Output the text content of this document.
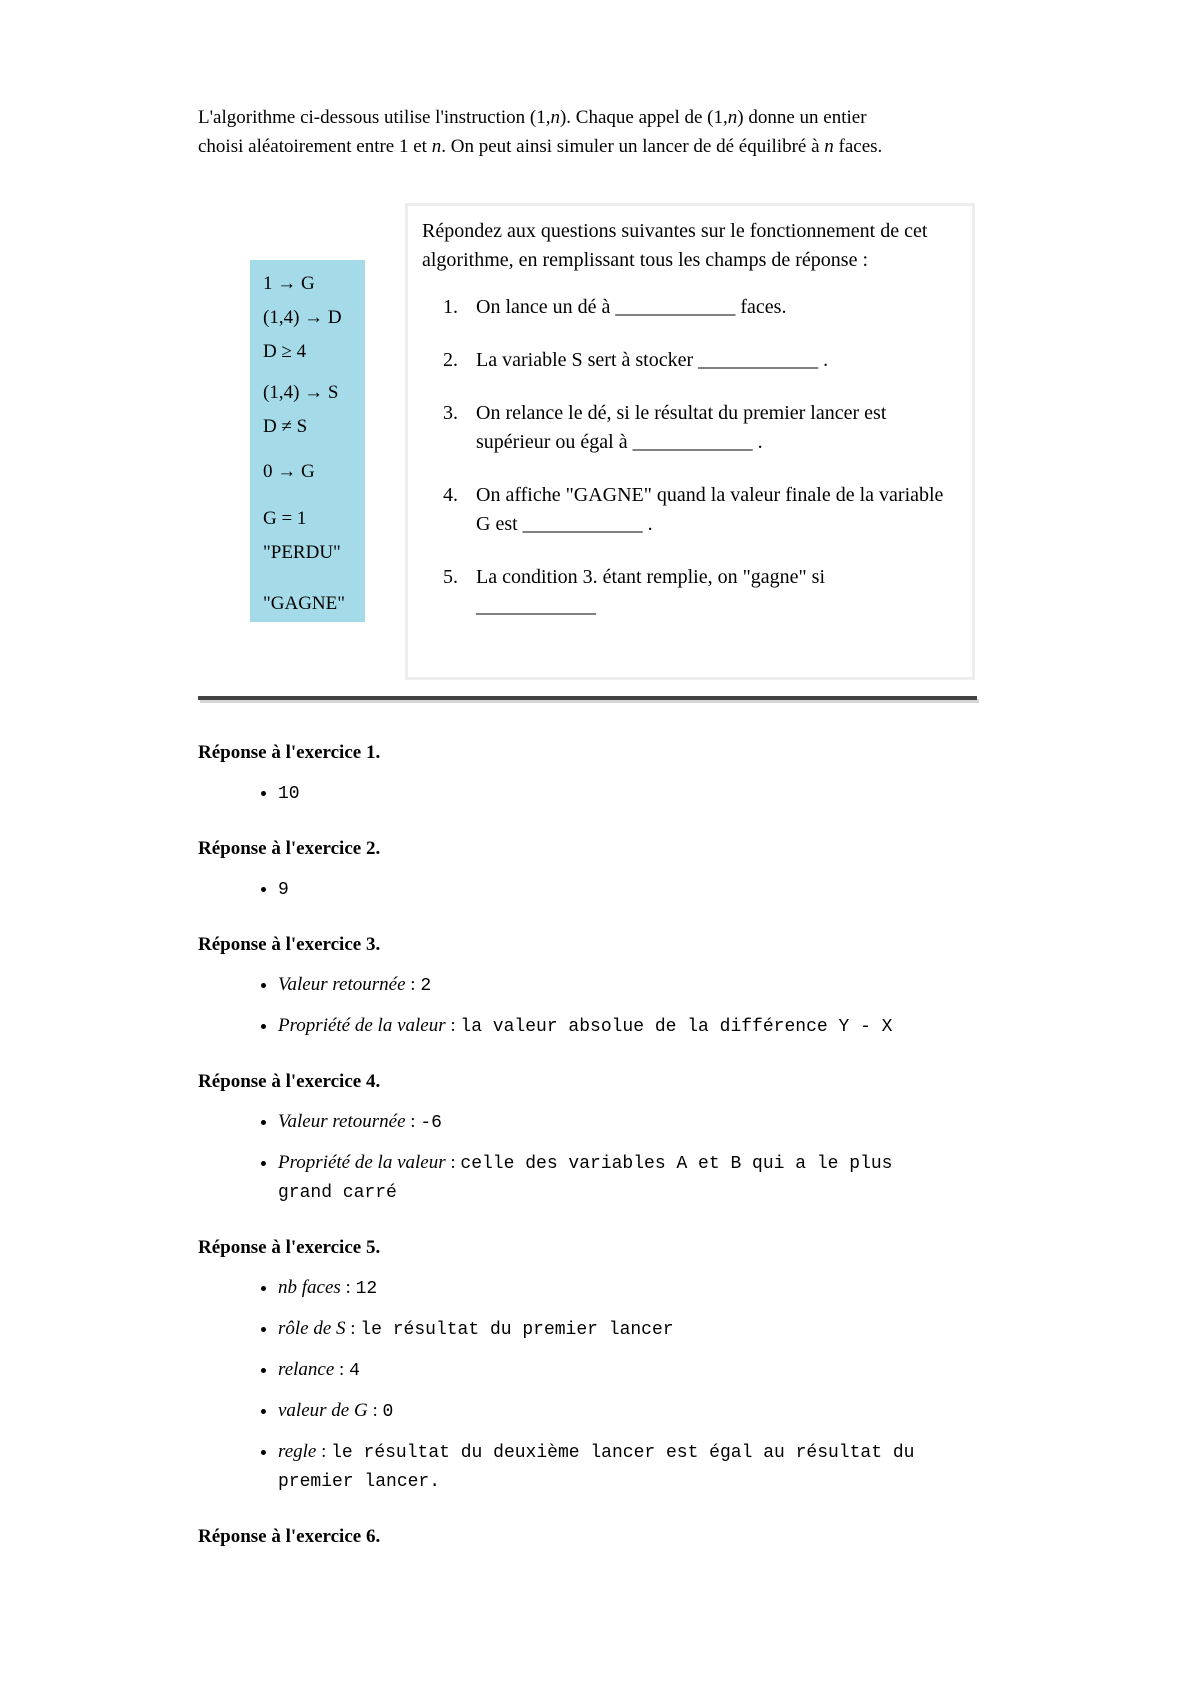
L'algorithme ci-dessous utilise l'instruction (1,n). Chaque appel de (1,n) donne un entier choisi aléatoirement entre 1 et n. On peut ainsi simuler un lancer de dé équilibré à n faces.

1 → G
(1,4) → D
D ≥ 4
(1,4) → S
D ≠ S
0 → G
G = 1
"PERDU"
"GAGNE"

Répondez aux questions suivantes sur le fonctionnement de cet algorithme, en remplissant tous les champs de réponse :

1. On lance un dé à ____________ faces.
2. La variable S sert à stocker ____________ .
3. On relance le dé, si le résultat du premier lancer est supérieur ou égal à ____________ .
4. On affiche "GAGNE" quand la valeur finale de la variable G est ____________ .
5. La condition 3. étant remplie, on "gagne" si
____________

Réponse à l'exercice 1.

• 10

Réponse à l'exercice 2.

• 9

Réponse à l'exercice 3.

• Valeur retournée : 2
• Propriété de la valeur : la valeur absolue de la différence Y - X

Réponse à l'exercice 4.

• Valeur retournée : -6
• Propriété de la valeur : celle des variables A et B qui a le plus grand carré

Réponse à l'exercice 5.

• nb faces : 12
• rôle de S : le résultat du premier lancer
• relance : 4
• valeur de G : 0
• regle : le résultat du deuxième lancer est égal au résultat du premier lancer.

Réponse à l'exercice 6.
